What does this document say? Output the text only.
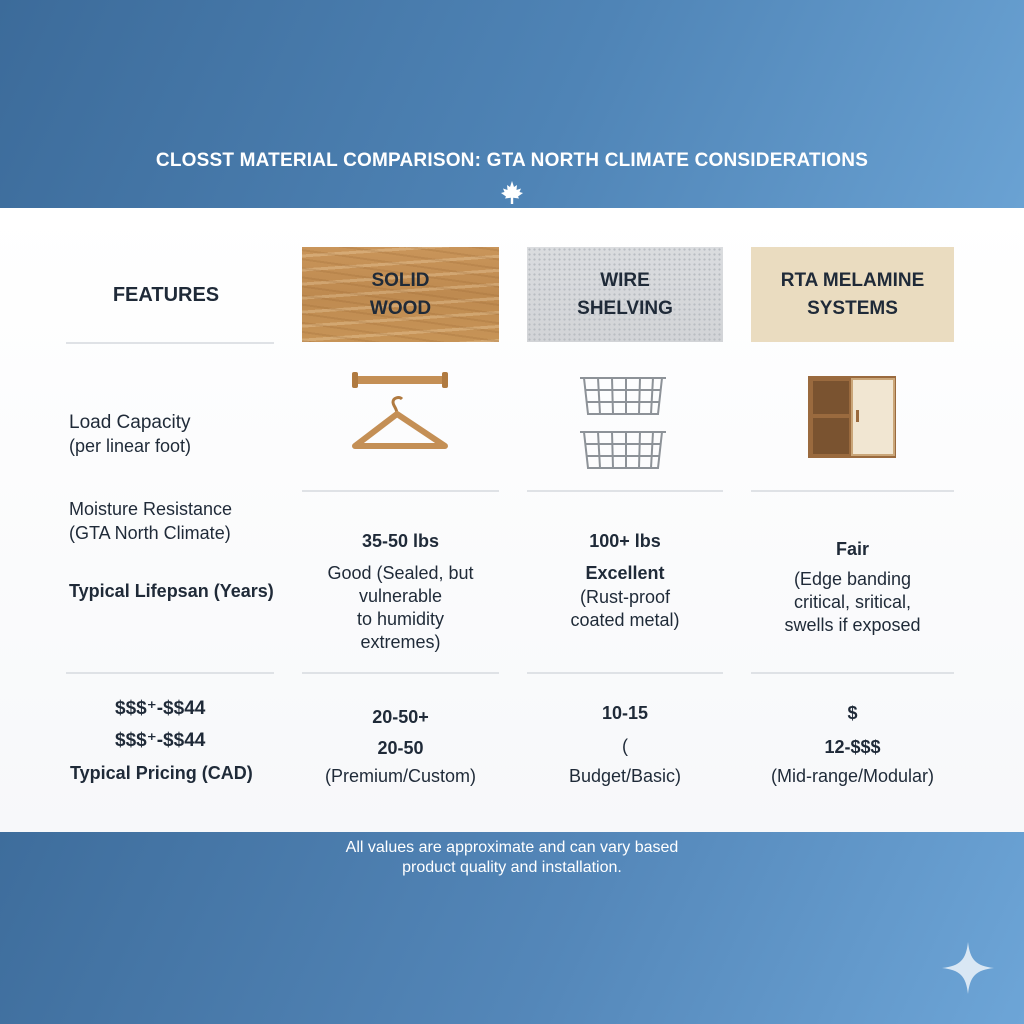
CLOSST MATERIAL COMPARISON: GTA NORTH CLIMATE CONSIDERATIONS
FEATURES
SOLID
WOOD
WIRE
SHELVING
RTA MELAMINE
SYSTEMS
Load Capacity
(per linear foot)
Moisture Resistance
(GTA North Climate)
Typical Lifepsan (Years)
35-50 lbs
Good (Sealed, but
vulnerable
to humidity
extremes)
100+ lbs
Excellent
(Rust-proof
coated metal)
Fair
(Edge banding
critical, sritical,
swells if exposed
$$$⁺-$$44
$$$⁺-$$44
Typical Pricing (CAD)
20-50+
20-50
(Premium/Custom)
10-15
(
Budget/Basic)
$
12-$$$
(Mid-range/Modular)
All values are approximate and can vary based
product quality and installation.
